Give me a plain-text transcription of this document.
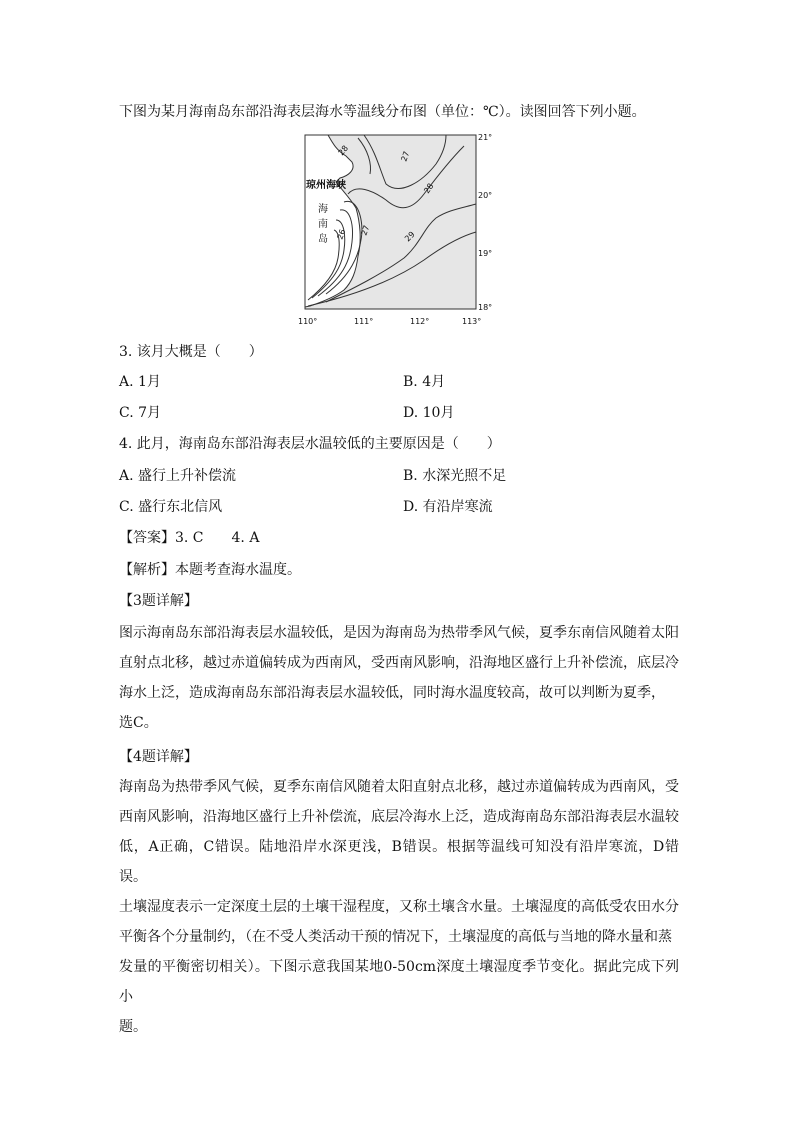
下图为某月海南岛东部沿海表层海水等温线分布图（单位：℃）。读图回答下列小题。
琼州海峡
海
南
岛
28	27
28
27
26	29
21°
20°
19°
18°
110°	111°	112°	113°
3. 该月大概是（　　）
A. 1月	B. 4月
C. 7月	D. 10月
4. 此月，海南岛东部沿海表层水温较低的主要原因是（　　）
A. 盛行上升补偿流	B. 水深光照不足
C. 盛行东北信风	D. 有沿岸寒流
【答案】3. C　　4. A
【解析】本题考查海水温度。
【3题详解】
图示海南岛东部沿海表层水温较低，是因为海南岛为热带季风气候，夏季东南信风随着太阳
直射点北移，越过赤道偏转成为西南风，受西南风影响，沿海地区盛行上升补偿流，底层冷
海水上泛，造成海南岛东部沿海表层水温较低，同时海水温度较高，故可以判断为夏季，
选C。
【4题详解】
海南岛为热带季风气候，夏季东南信风随着太阳直射点北移，越过赤道偏转成为西南风，受
西南风影响，沿海地区盛行上升补偿流，底层冷海水上泛，造成海南岛东部沿海表层水温较
低，A正确，C错误。陆地沿岸水深更浅，B错误。根据等温线可知没有沿岸寒流，D错误。
土壤湿度表示一定深度土层的土壤干湿程度，又称土壤含水量。土壤湿度的高低受农田水分
平衡各个分量制约，（在不受人类活动干预的情况下，土壤湿度的高低与当地的降水量和蒸
发量的平衡密切相关）。下图示意我国某地0-50cm深度土壤湿度季节变化。据此完成下列小
题。
